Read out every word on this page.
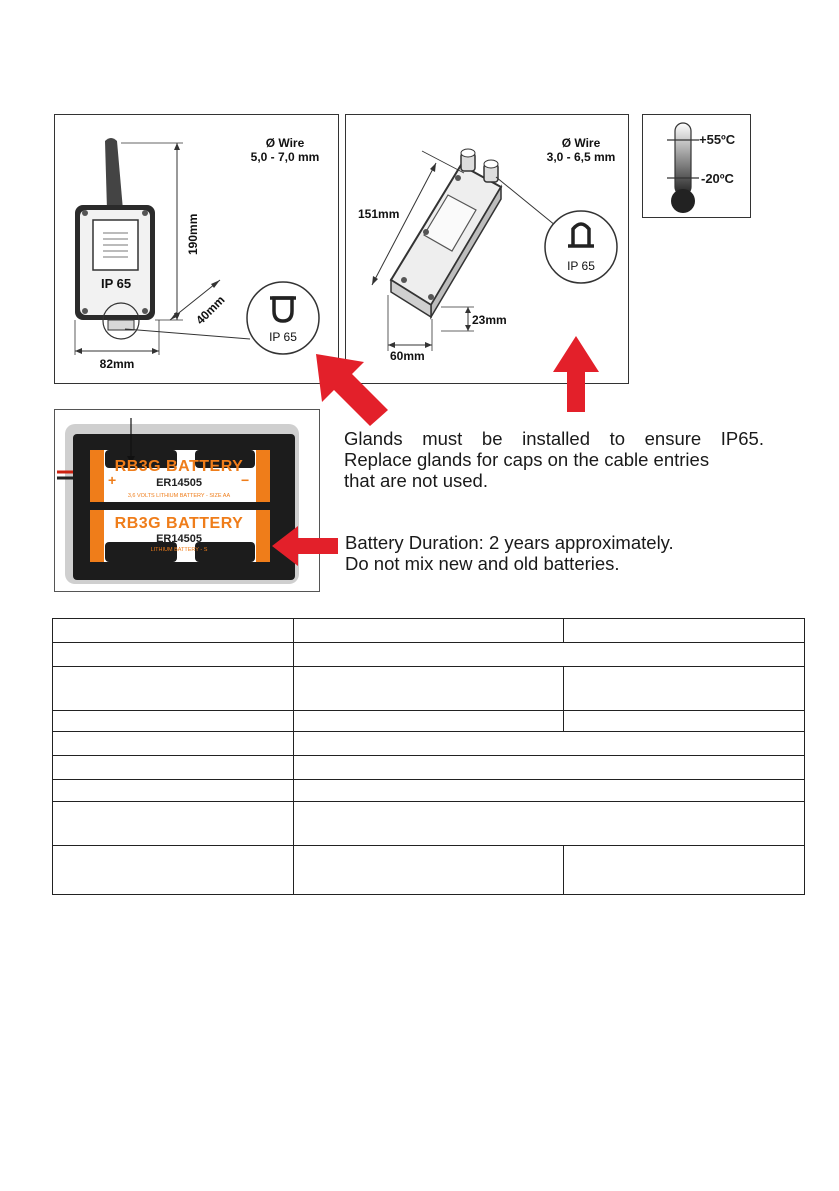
Ø Wire
5,0 - 7,0 mm
190mm
40mm
IP 65
82mm
IP 65
Ø Wire
3,0 - 6,5 mm
151mm
23mm
60mm
IP 65
+55ºC
-20ºC
RB3G BATTERY
ER14505
3,6 VOLTS LITHIUM BATTERY - SIZE AA
+	−
RB3G BATTERY
ER14505
LITHIUM BATTERY - S
Glands must be installed to ensure IP65.
Replace glands for caps on the cable entries
that are not used.
Battery Duration: 2 years approximately.
Do not mix new and old batteries.
